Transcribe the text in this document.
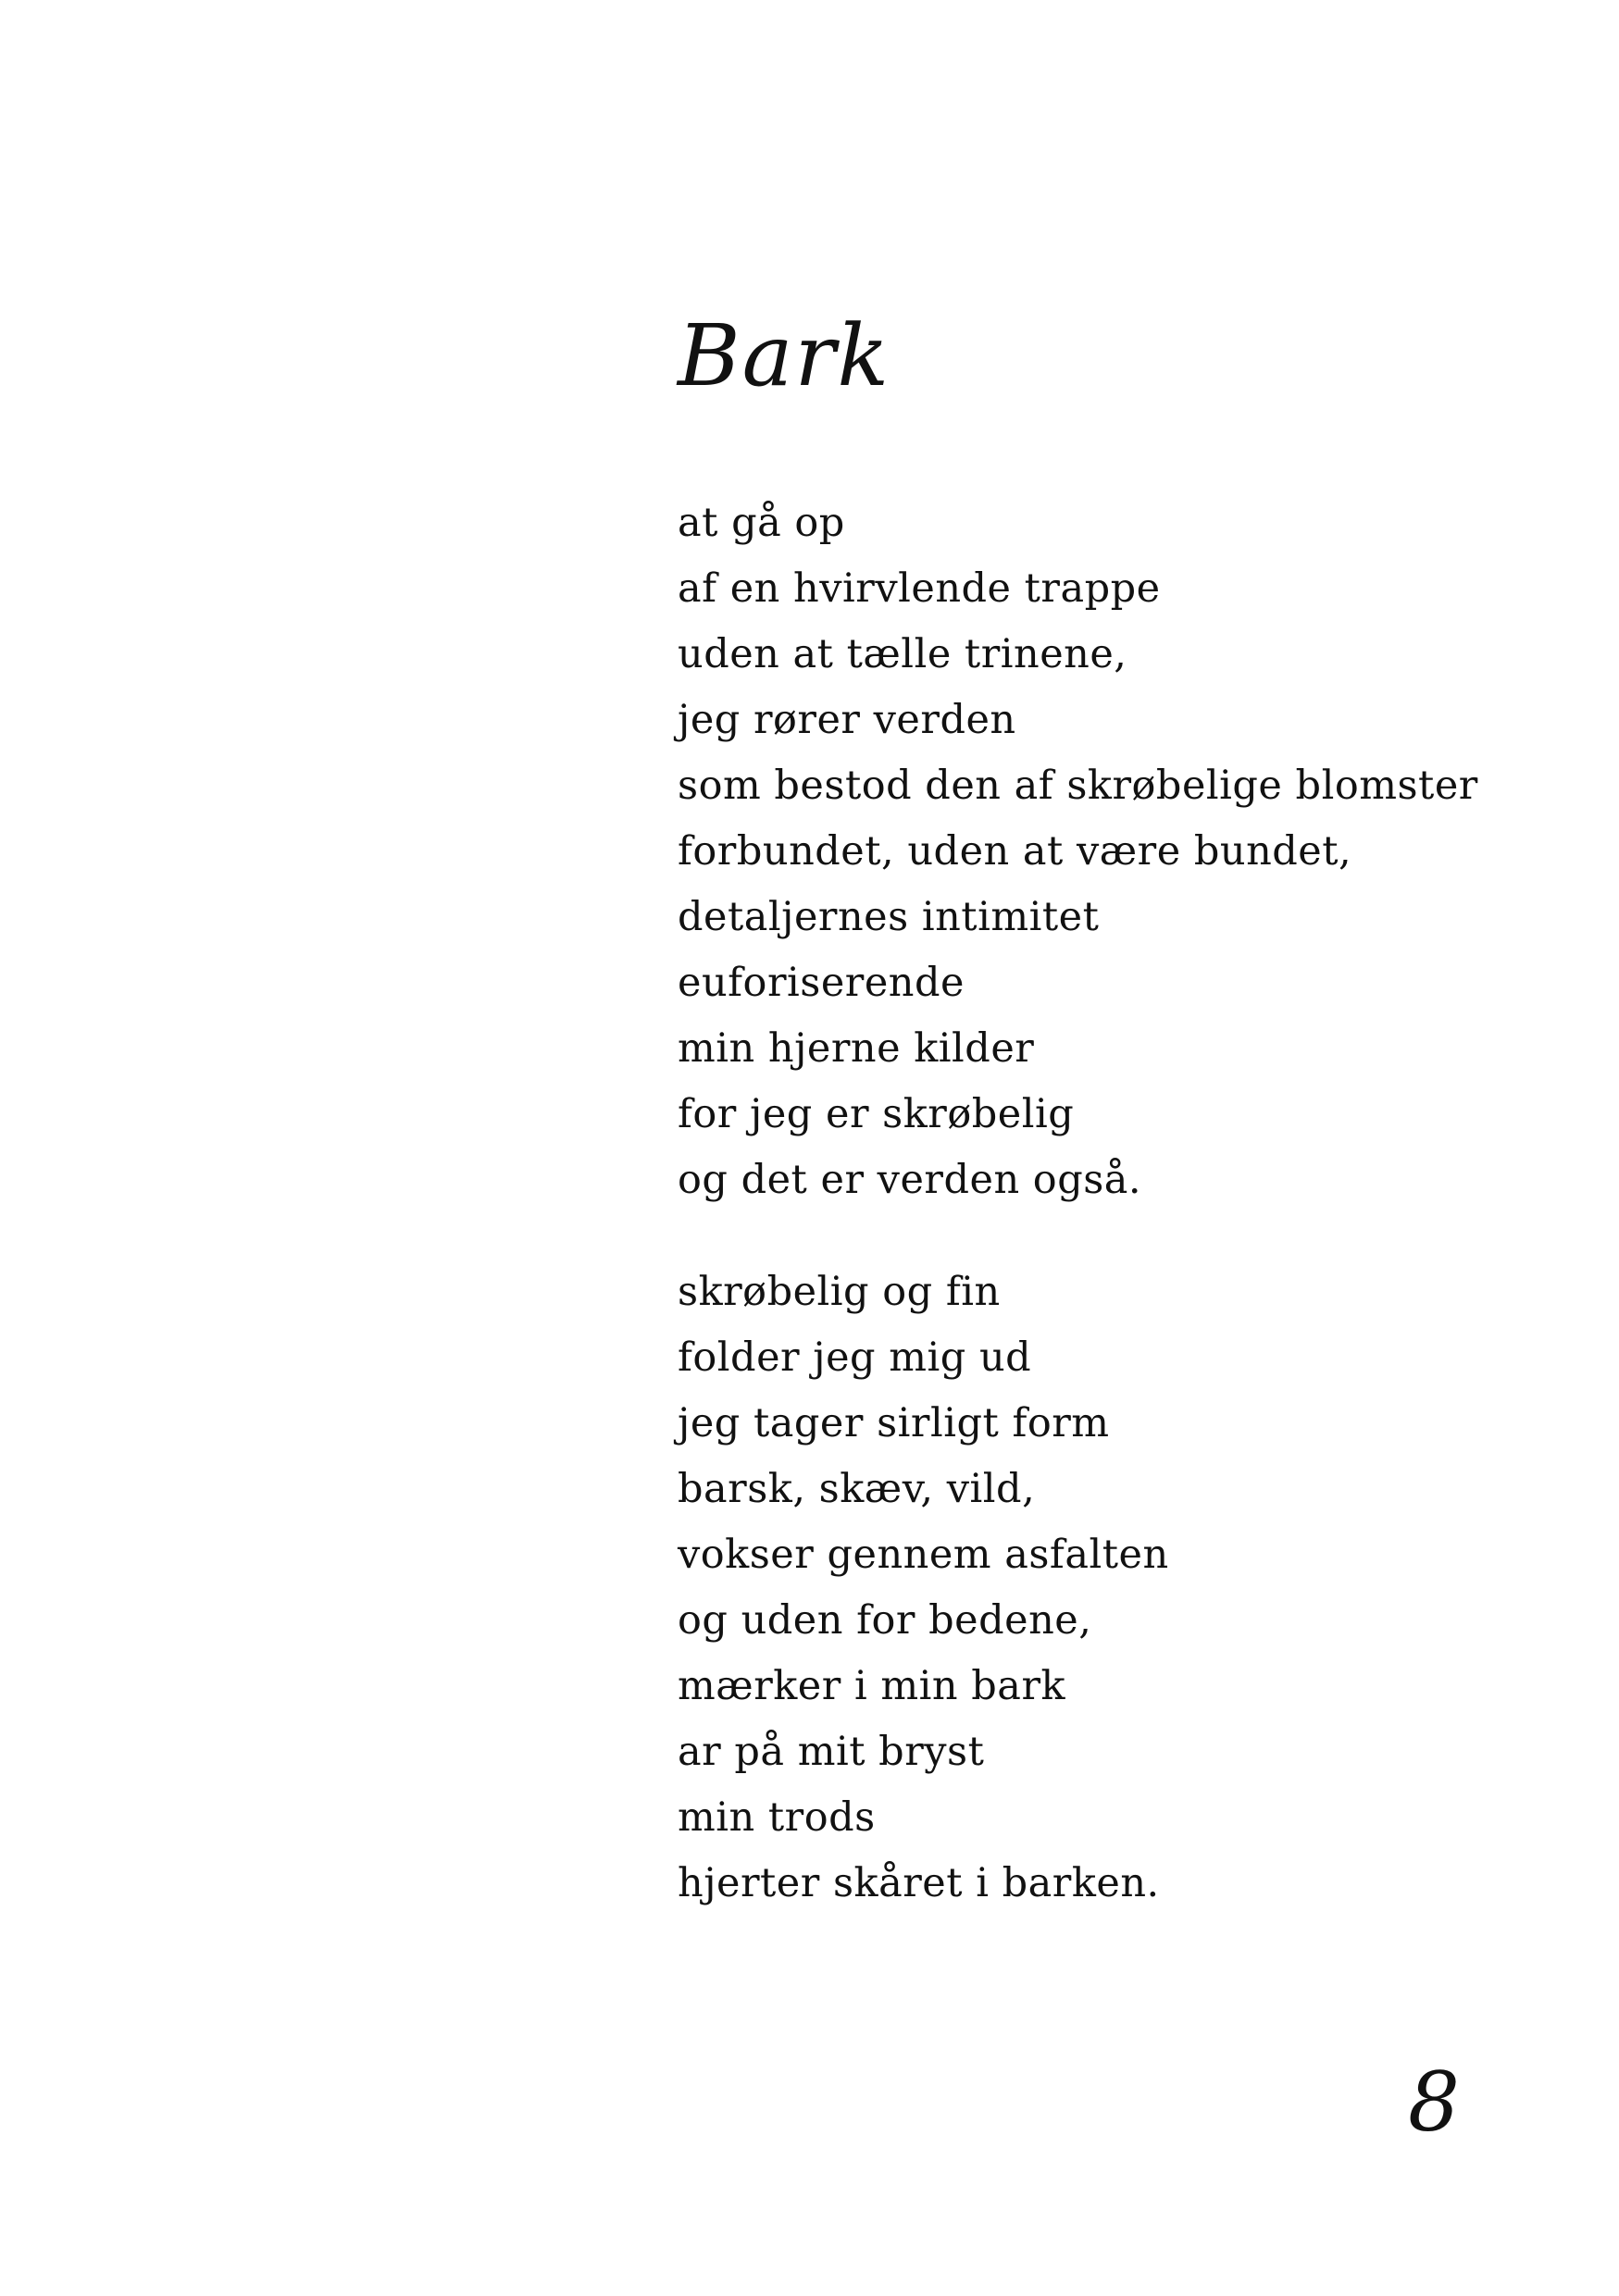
Bark

at gå op
af en hvirvlende trappe
uden at tælle trinene,
jeg rører verden
som bestod den af skrøbelige blomster
forbundet, uden at være bundet,
detaljernes intimitet
euforiserende
min hjerne kilder
for jeg er skrøbelig
og det er verden også.

skrøbelig og fin
folder jeg mig ud
jeg tager sirligt form
barsk, skæv, vild,
vokser gennem asfalten
og uden for bedene,
mærker i min bark
ar på mit bryst
min trods
hjerter skåret i barken.

8
